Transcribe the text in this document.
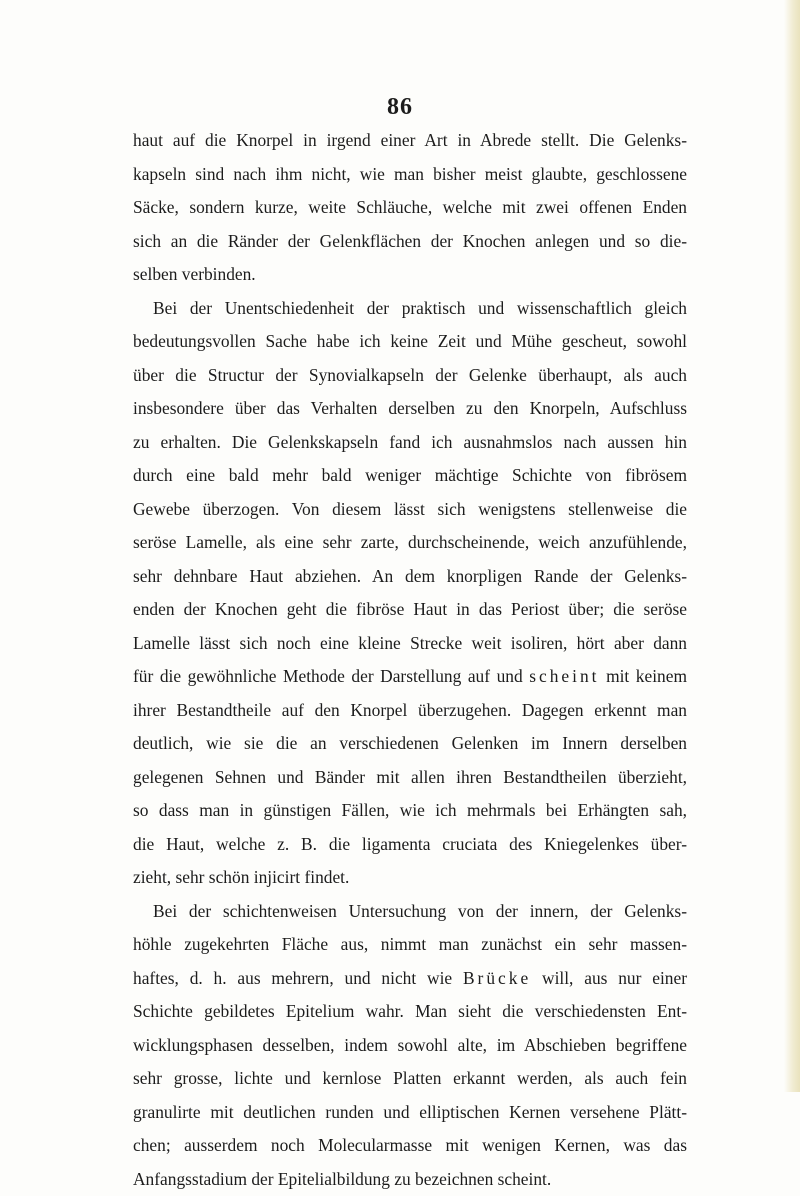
86
haut auf die Knorpel in irgend einer Art in Abrede stellt. Die Gelenks-
kapseln sind nach ihm nicht, wie man bisher meist glaubte, geschlossene
Säcke, sondern kurze, weite Schläuche, welche mit zwei offenen Enden
sich an die Ränder der Gelenkflächen der Knochen anlegen und so die-
selben verbinden.
Bei der Unentschiedenheit der praktisch und wissenschaftlich gleich
bedeutungsvollen Sache habe ich keine Zeit und Mühe gescheut, sowohl
über die Structur der Synovialkapseln der Gelenke überhaupt, als auch
insbesondere über das Verhalten derselben zu den Knorpeln, Aufschluss
zu erhalten. Die Gelenkskapseln fand ich ausnahmslos nach aussen hin
durch eine bald mehr bald weniger mächtige Schichte von fibrösem
Gewebe überzogen. Von diesem lässt sich wenigstens stellenweise die
seröse Lamelle, als eine sehr zarte, durchscheinende, weich anzufühlende,
sehr dehnbare Haut abziehen. An dem knorpligen Rande der Gelenks-
enden der Knochen geht die fibröse Haut in das Periost über; die seröse
Lamelle lässt sich noch eine kleine Strecke weit isoliren, hört aber dann
für die gewöhnliche Methode der Darstellung auf und scheint mit keinem
ihrer Bestandtheile auf den Knorpel überzugehen. Dagegen erkennt man
deutlich, wie sie die an verschiedenen Gelenken im Innern derselben
gelegenen Sehnen und Bänder mit allen ihren Bestandtheilen überzieht,
so dass man in günstigen Fällen, wie ich mehrmals bei Erhängten sah,
die Haut, welche z. B. die ligamenta cruciata des Kniegelenkes über-
zieht, sehr schön injicirt findet.
Bei der schichtenweisen Untersuchung von der innern, der Gelenks-
höhle zugekehrten Fläche aus, nimmt man zunächst ein sehr massen-
haftes, d. h. aus mehrern, und nicht wie Brücke will, aus nur einer
Schichte gebildetes Epitelium wahr. Man sieht die verschiedensten Ent-
wicklungsphasen desselben, indem sowohl alte, im Abschieben begriffene
sehr grosse, lichte und kernlose Platten erkannt werden, als auch fein
granulirte mit deutlichen runden und elliptischen Kernen versehene Plätt-
chen; ausserdem noch Molecularmasse mit wenigen Kernen, was das
Anfangsstadium der Epitelialbildung zu bezeichnen scheint.
